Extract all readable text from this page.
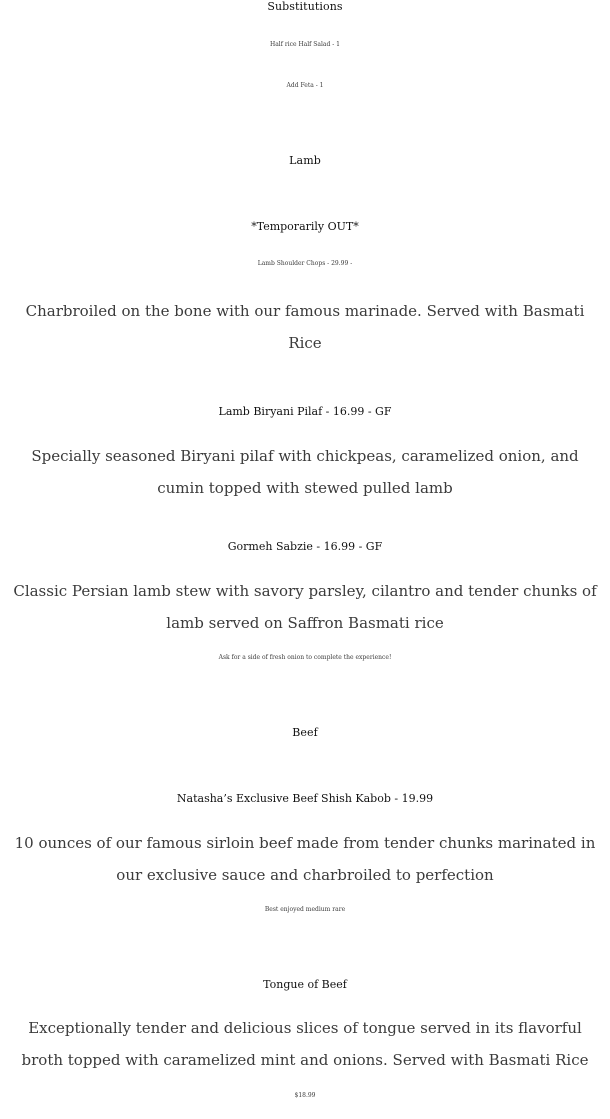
Substitutions
Half rice Half Salad - 1
Add Feta - 1
Lamb
*Temporarily OUT*
Lamb Shoulder Chops - 29.99 -
Charbroiled on the bone with our famous marinade. Served with Basmati
Rice
Lamb Biryani Pilaf - 16.99 - GF
Specially seasoned Biryani pilaf with chickpeas, caramelized onion, and
cumin topped with stewed pulled lamb
Gormeh Sabzie - 16.99 - GF
Classic Persian lamb stew with savory parsley, cilantro and tender chunks of
lamb served on Saffron Basmati rice
Ask for a side of fresh onion to complete the experience!
Beef
Natasha’s Exclusive Beef Shish Kabob - 19.99
10 ounces of our famous sirloin beef made from tender chunks marinated in
our exclusive sauce and charbroiled to perfection
Best enjoyed medium rare
Tongue of Beef
Exceptionally tender and delicious slices of tongue served in its flavorful
broth topped with caramelized mint and onions. Served with Basmati Rice
$18.99
